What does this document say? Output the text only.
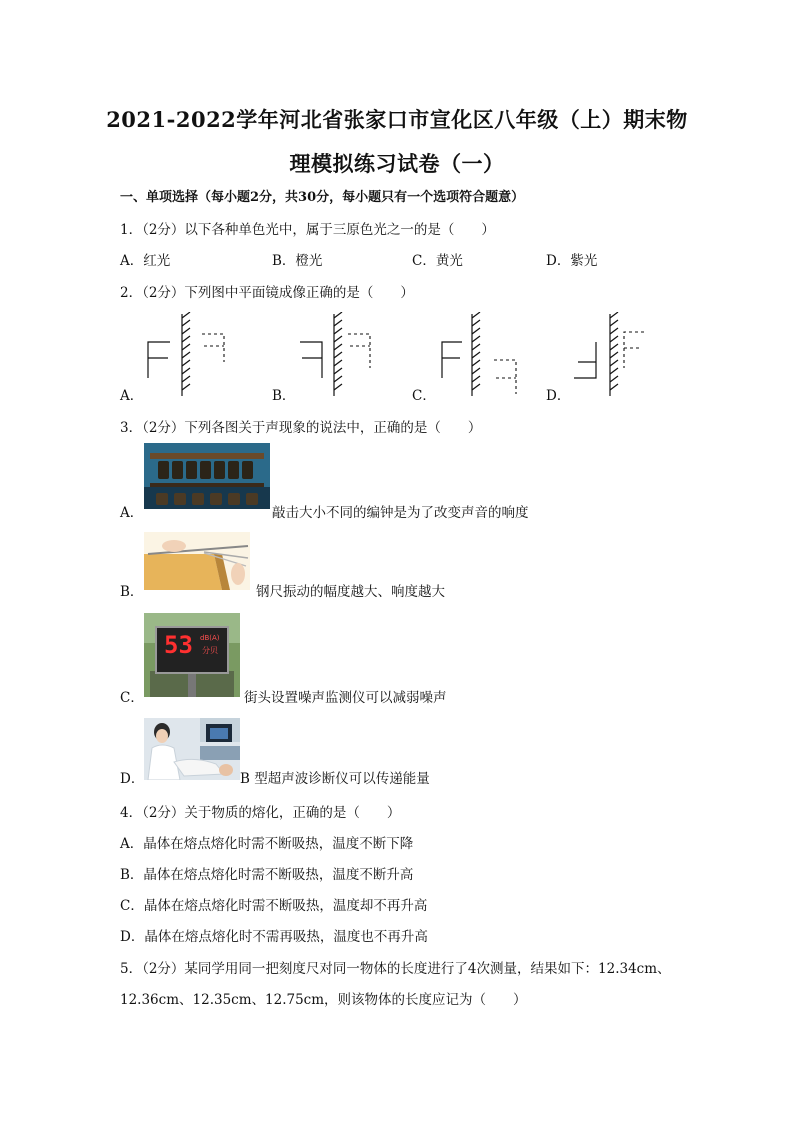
2021-2022学年河北省张家口市宣化区八年级（上）期末物
理模拟练习试卷（一）
一、单项选择（每小题2分，共30分，每小题只有一个选项符合题意）
1．（2分）以下各种单色光中，属于三原色光之一的是（　　）
A．红光	B．橙光	C．黄光	D．紫光
2．（2分）下列图中平面镜成像正确的是（　　）
A．	B．	C．	D．
3．（2分）下列各图关于声现象的说法中，正确的是（　　）
A．	敲击大小不同的编钟是为了改变声音的响度
B．	钢尺振动的幅度越大、响度越大
53 dB(A)
分贝
C．	街头设置噪声监测仪可以减弱噪声
D．	B 型超声波诊断仪可以传递能量
4．（2分）关于物质的熔化，正确的是（　　）
A．晶体在熔点熔化时需不断吸热，温度不断下降
B．晶体在熔点熔化时需不断吸热，温度不断升高
C．晶体在熔点熔化时需不断吸热，温度却不再升高
D．晶体在熔点熔化时不需再吸热，温度也不再升高
5．（2分）某同学用同一把刻度尺对同一物体的长度进行了4次测量，结果如下：12.34cm、
12.36cm、12.35cm、12.75cm，则该物体的长度应记为（　　）
